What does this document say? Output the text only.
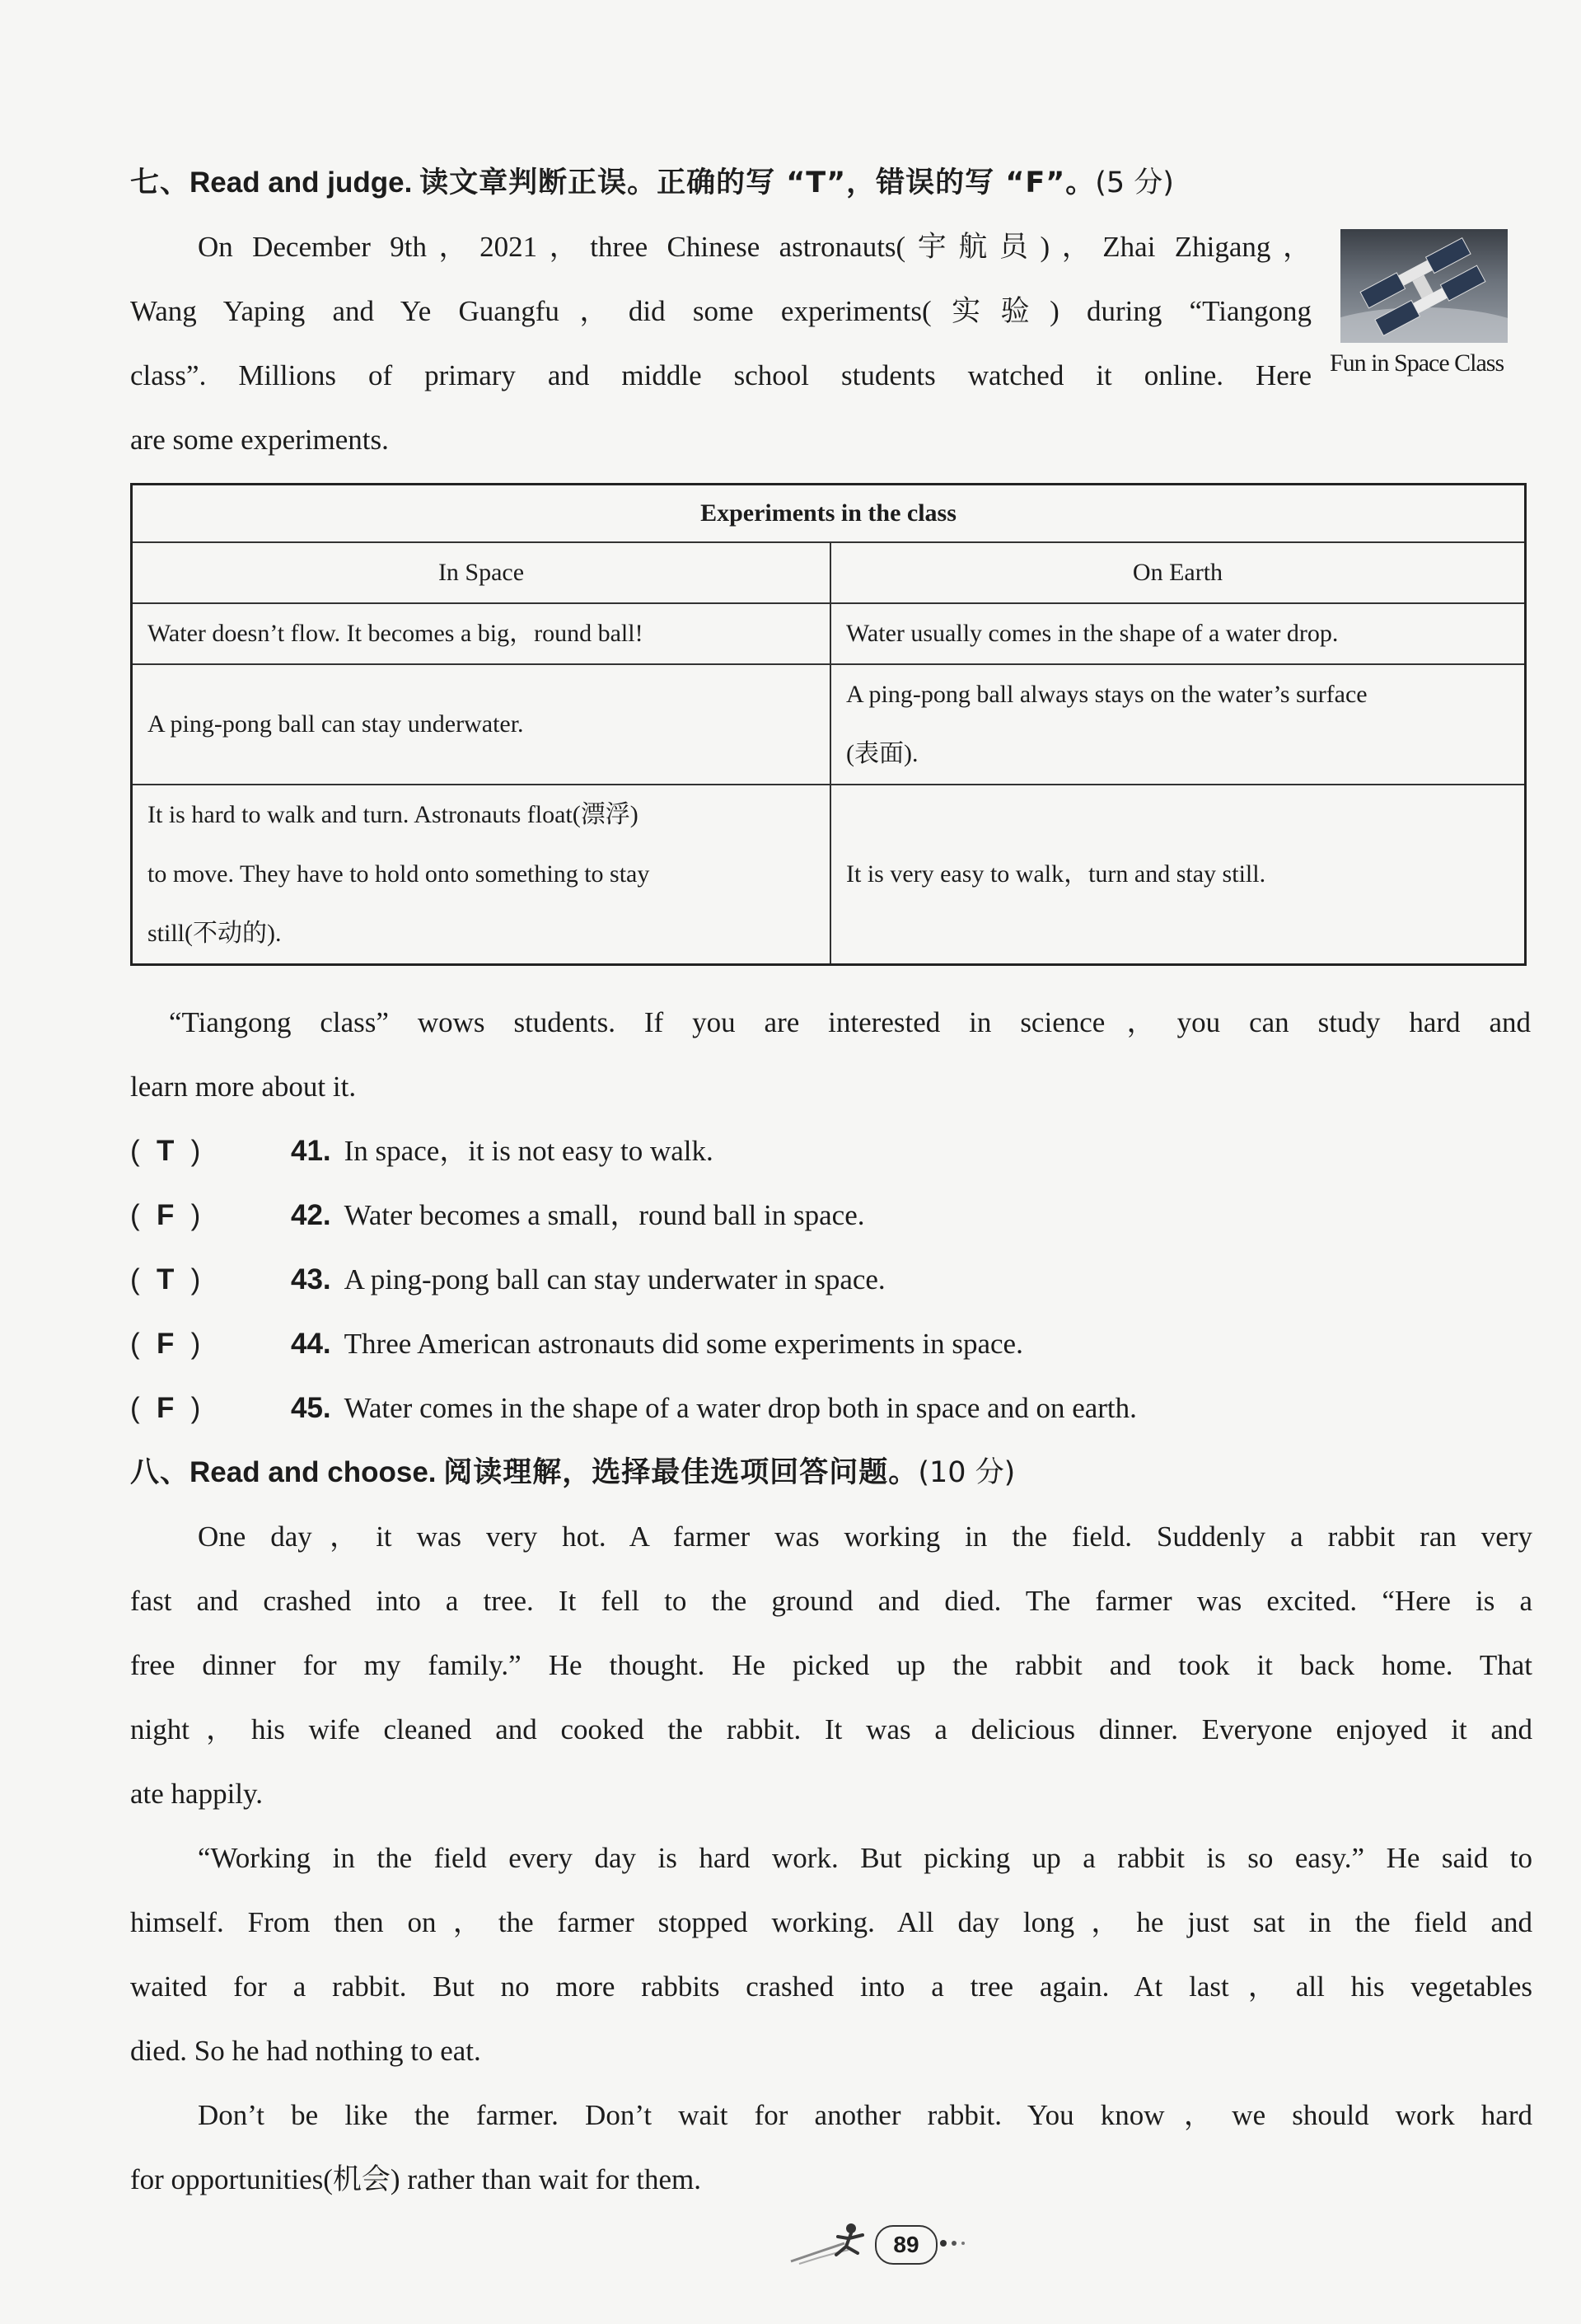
七、Read and judge. 读文章判断正误。正确的写 “T”，错误的写 “F”。(5 分)
On December 9th，2021，three Chinese astronauts(宇航员)，Zhai Zhigang，
Wang Yaping and Ye Guangfu，did some experiments(实验) during “Tiangong
class”. Millions of primary and middle school students watched it online. Here
are some experiments.
Fun in Space Class
Experiments in the class	
In Space	On Earth

Water doesn’t flow. It becomes a big，round ball!	Water usually comes in the shape of a water drop.

A ping-pong ball can stay underwater.	A ping-pong ball always stays on the water’s surface
(表面).

It is hard to walk and turn. Astronauts float(漂浮)
to move. They have to hold onto something to stay
still(不动的).	It is very easy to walk，turn and stay still.
“Tiangong class” wows students. If you are interested in science，you can study hard and
learn more about it.
( T )	41. In space，it is not easy to walk.
( F )	42. Water becomes a small，round ball in space.
( T )	43. A ping-pong ball can stay underwater in space.
( F )	44. Three American astronauts did some experiments in space.
( F )	45. Water comes in the shape of a water drop both in space and on earth.
八、Read and choose. 阅读理解，选择最佳选项回答问题。(10 分)
One day，it was very hot. A farmer was working in the field. Suddenly a rabbit ran very
fast and crashed into a tree. It fell to the ground and died. The farmer was excited. “Here is a
free dinner for my family.” He thought. He picked up the rabbit and took it back home. That
night，his wife cleaned and cooked the rabbit. It was a delicious dinner. Everyone enjoyed it and
ate happily.
“Working in the field every day is hard work. But picking up a rabbit is so easy.” He said to
himself. From then on，the farmer stopped working. All day long，he just sat in the field and
waited for a rabbit. But no more rabbits crashed into a tree again. At last，all his vegetables
died. So he had nothing to eat.
Don’t be like the farmer. Don’t wait for another rabbit. You know，we should work hard
for opportunities(机会) rather than wait for them.
89
